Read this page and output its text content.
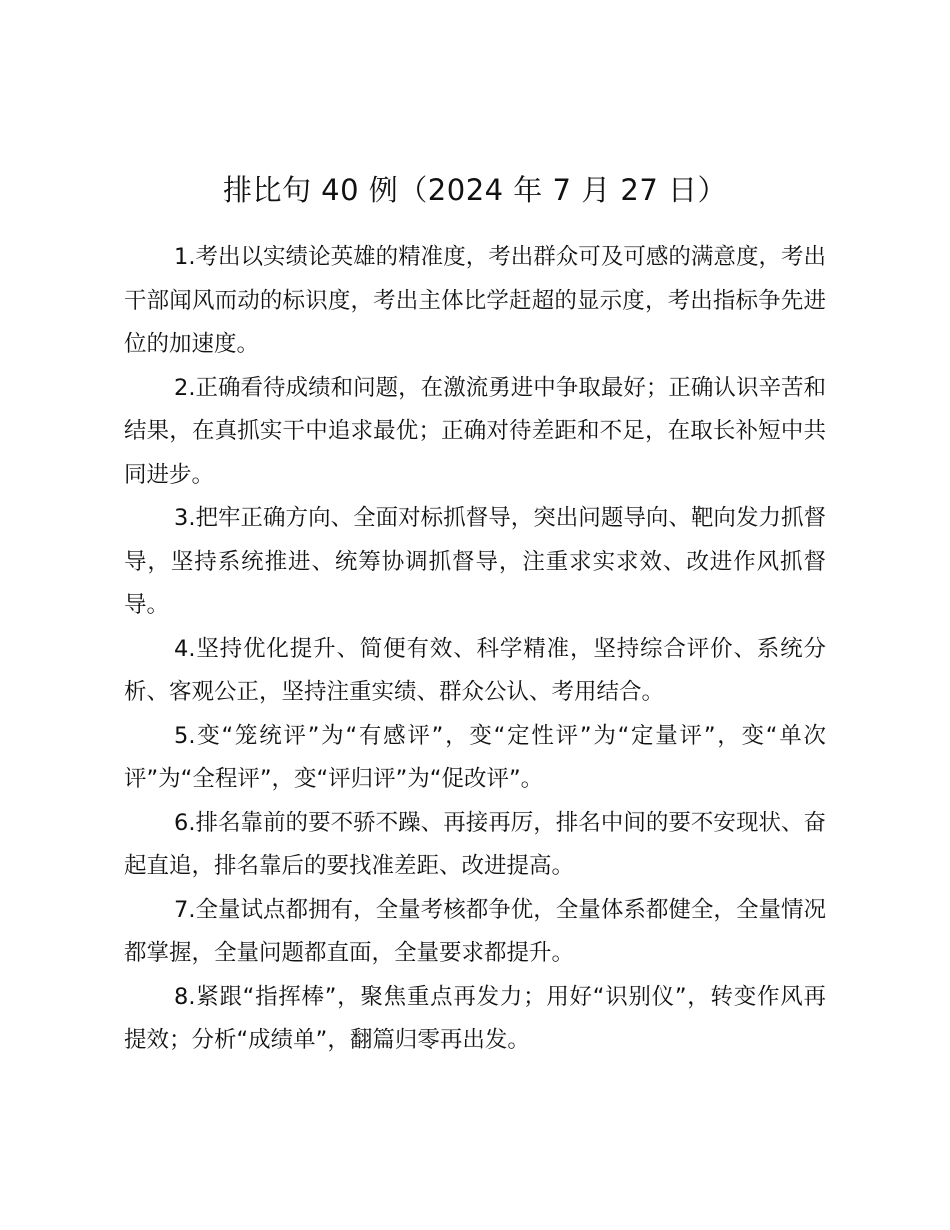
排比句 40 例（2024 年 7 月 27 日）

1.考出以实绩论英雄的精准度，考出群众可及可感的满意度，考出干部闻风而动的标识度，考出主体比学赶超的显示度，考出指标争先进位的加速度。

2.正确看待成绩和问题，在激流勇进中争取最好；正确认识辛苦和结果，在真抓实干中追求最优；正确对待差距和不足，在取长补短中共同进步。

3.把牢正确方向、全面对标抓督导，突出问题导向、靶向发力抓督导，坚持系统推进、统筹协调抓督导，注重求实求效、改进作风抓督导。

4.坚持优化提升、简便有效、科学精准，坚持综合评价、系统分析、客观公正，坚持注重实绩、群众公认、考用结合。

5.变“笼统评”为“有感评”，变“定性评”为“定量评”，变“单次评”为“全程评”，变“评归评”为“促改评”。

6.排名靠前的要不骄不躁、再接再厉，排名中间的要不安现状、奋起直追，排名靠后的要找准差距、改进提高。

7.全量试点都拥有，全量考核都争优，全量体系都健全，全量情况都掌握，全量问题都直面，全量要求都提升。

8.紧跟“指挥棒”，聚焦重点再发力；用好“识别仪”，转变作风再提效；分析“成绩单”，翻篇归零再出发。
